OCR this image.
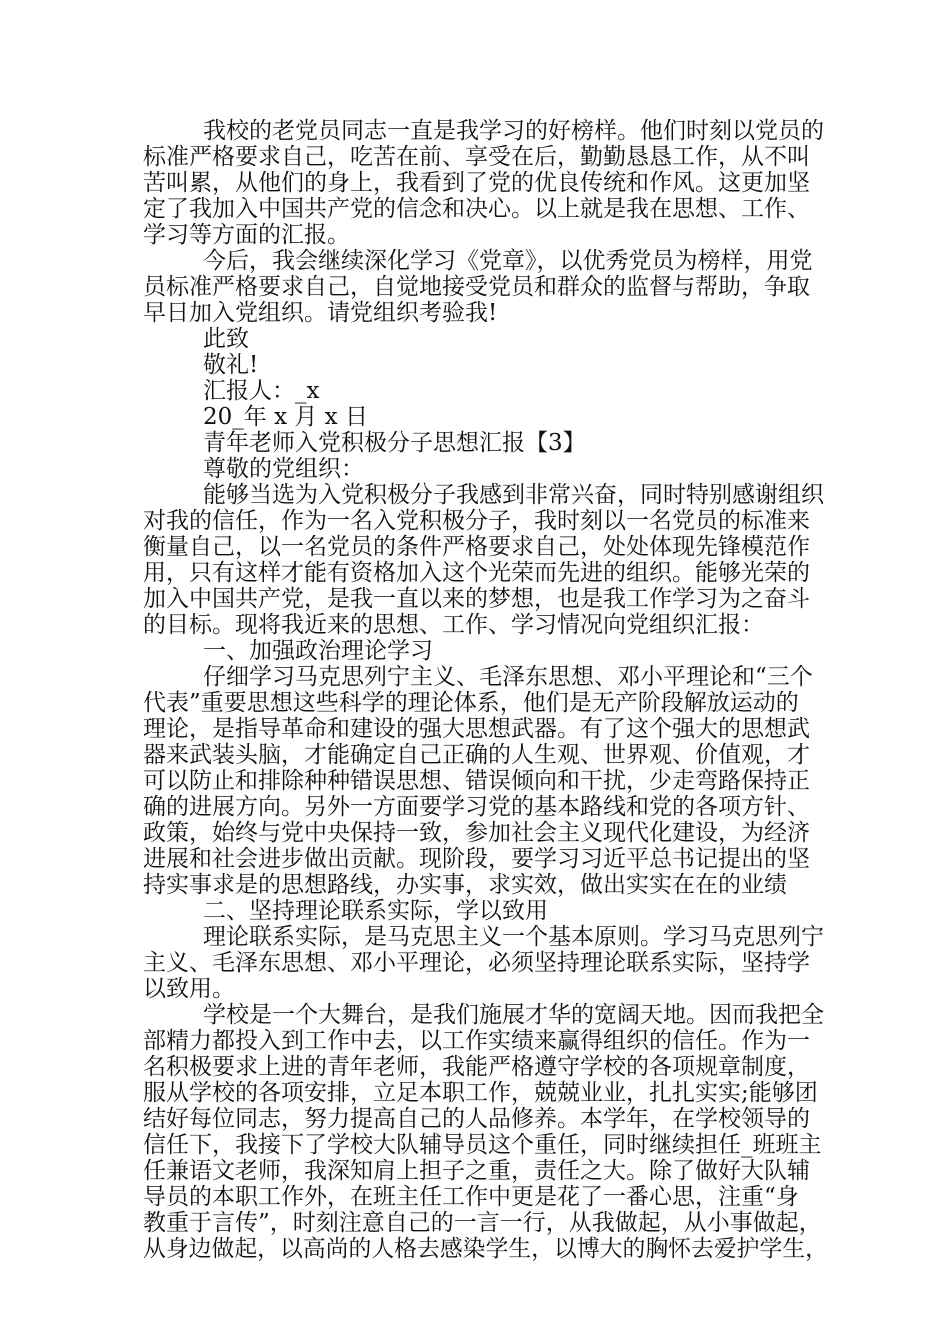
我校的老党员同志一直是我学习的好榜样。他们时刻以党员的
标准严格要求自己，吃苦在前、享受在后，勤勤恳恳工作，从不叫
苦叫累，从他们的身上，我看到了党的优良传统和作风。这更加坚
定了我加入中国共产党的信念和决心。以上就是我在思想、工作、
学习等方面的汇报。
今后，我会继续深化学习《党章》，以优秀党员为榜样，用党
员标准严格要求自己，自觉地接受党员和群众的监督与帮助，争取
早日加入党组织。请党组织考验我!
此致
敬礼!
汇报人：_x
20_年 x 月 x 日
青年老师入党积极分子思想汇报【3】
尊敬的党组织：
能够当选为入党积极分子我感到非常兴奋，同时特别感谢组织
对我的信任，作为一名入党积极分子，我时刻以一名党员的标准来
衡量自己，以一名党员的条件严格要求自己，处处体现先锋模范作
用，只有这样才能有资格加入这个光荣而先进的组织。能够光荣的
加入中国共产党，是我一直以来的梦想，也是我工作学习为之奋斗
的目标。现将我近来的思想、工作、学习情况向党组织汇报：
一、加强政治理论学习
仔细学习马克思列宁主义、毛泽东思想、邓小平理论和“三个
代表”重要思想这些科学的理论体系，他们是无产阶段解放运动的
理论，是指导革命和建设的强大思想武器。有了这个强大的思想武
器来武装头脑，才能确定自己正确的人生观、世界观、价值观，才
可以防止和排除种种错误思想、错误倾向和干扰，少走弯路保持正
确的进展方向。另外一方面要学习党的基本路线和党的各项方针、
政策，始终与党中央保持一致，参加社会主义现代化建设，为经济
进展和社会进步做出贡献。现阶段，要学习习近平总书记提出的坚
持实事求是的思想路线，办实事，求实效，做出实实在在的业绩
二、坚持理论联系实际，学以致用
理论联系实际，是马克思主义一个基本原则。学习马克思列宁
主义、毛泽东思想、邓小平理论，必须坚持理论联系实际，坚持学
以致用。
学校是一个大舞台，是我们施展才华的宽阔天地。因而我把全
部精力都投入到工作中去，以工作实绩来赢得组织的信任。作为一
名积极要求上进的青年老师，我能严格遵守学校的各项规章制度，
服从学校的各项安排，立足本职工作，兢兢业业，扎扎实实;能够团
结好每位同志，努力提高自己的人品修养。本学年，在学校领导的
信任下，我接下了学校大队辅导员这个重任，同时继续担任_班班主
任兼语文老师，我深知肩上担子之重，责任之大。除了做好大队辅
导员的本职工作外，在班主任工作中更是花了一番心思，注重“身
教重于言传”，时刻注意自己的一言一行，从我做起，从小事做起，
从身边做起，以高尚的人格去感染学生，以博大的胸怀去爱护学生，
